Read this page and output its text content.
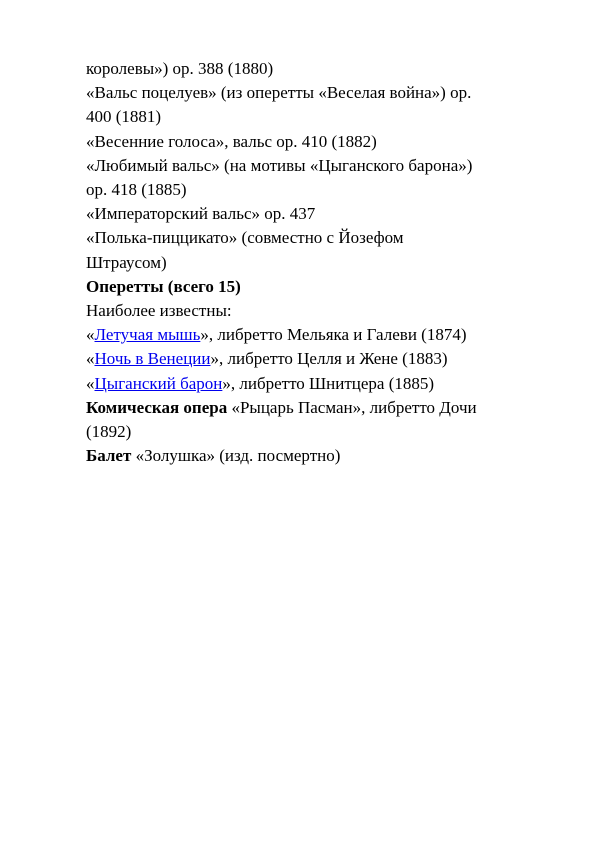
королевы») ор. 388 (1880)
«Вальс поцелуев» (из оперетты «Веселая война») ор.
400 (1881)
«Весенние голоса», вальс ор. 410 (1882)
«Любимый вальс» (на мотивы «Цыганского барона»)
ор. 418 (1885)
«Императорский вальс» ор. 437
«Полька-пиццикато» (совместно с Йозефом
Штраусом)
Оперетты (всего 15)
Наиболее известны:
«Летучая мышь», либретто Мельяка и Галеви (1874)
«Ночь в Венеции», либретто Целля и Жене (1883)
«Цыганский барон», либретто Шнитцера (1885)
Комическая опера «Рыцарь Пасман», либретто Дочи
(1892)
Балет «Золушка» (изд. посмертно)
